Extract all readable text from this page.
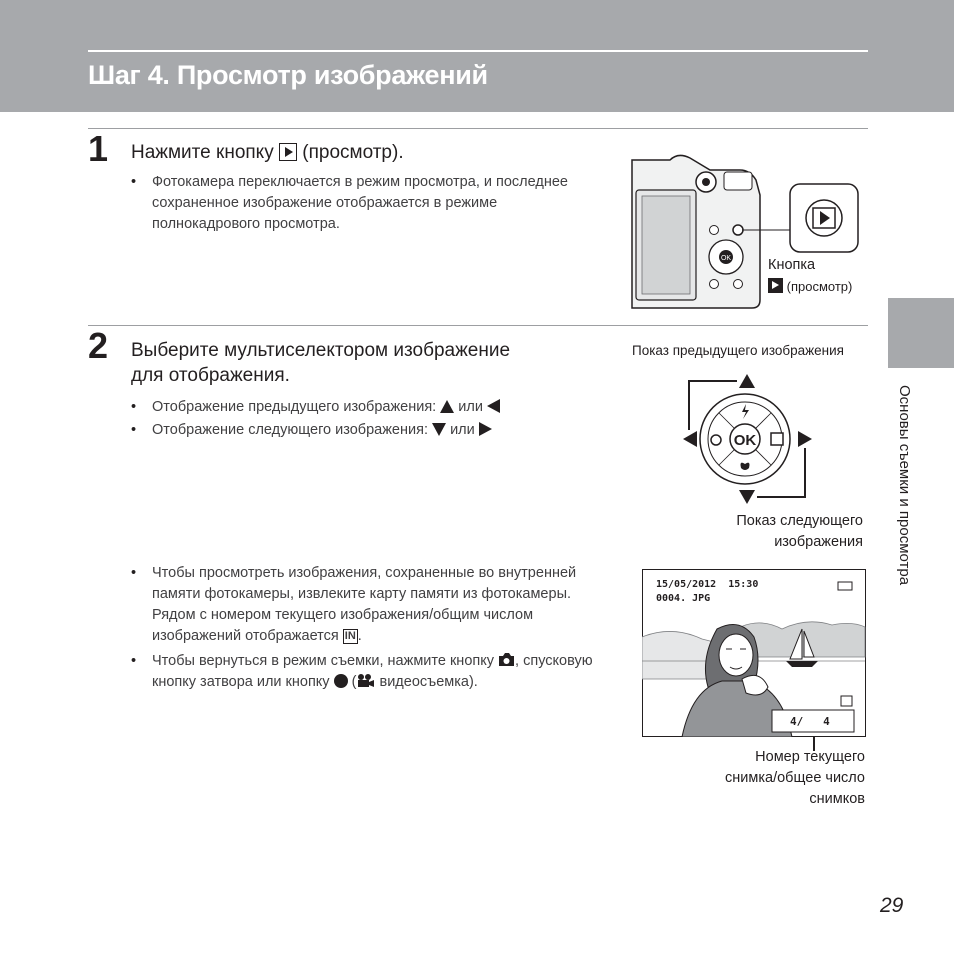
Шаг 4. Просмотр изображений
1 Нажмите кнопку (просмотр).
• Фотокамера переключается в режим просмотра, и последнее сохраненное изображение отображается в режиме полнокадрового просмотра.
OK	Кнопка
(просмотр)
2 Выберите мультиселектором изображение
для отображения.
• Отображение предыдущего изображения: или
• Отображение следующего изображения: или
Показ предыдущего изображения
OK
Показ следующего
изображения
• Чтобы просмотреть изображения, сохраненные во внутренней памяти фотокамеры, извлеките карту памяти из фотокамеры. Рядом с номером текущего изображения/общим числом изображений отображается IN .
• Чтобы вернуться в режим съемки, нажмите кнопку , спусковую кнопку затвора или кнопку ( видеосъемка).
15/05/2012  15:30
0004. JPG
4/   4
Номер текущего
снимка/общее число
снимков
Основы съемки и просмотра
29
